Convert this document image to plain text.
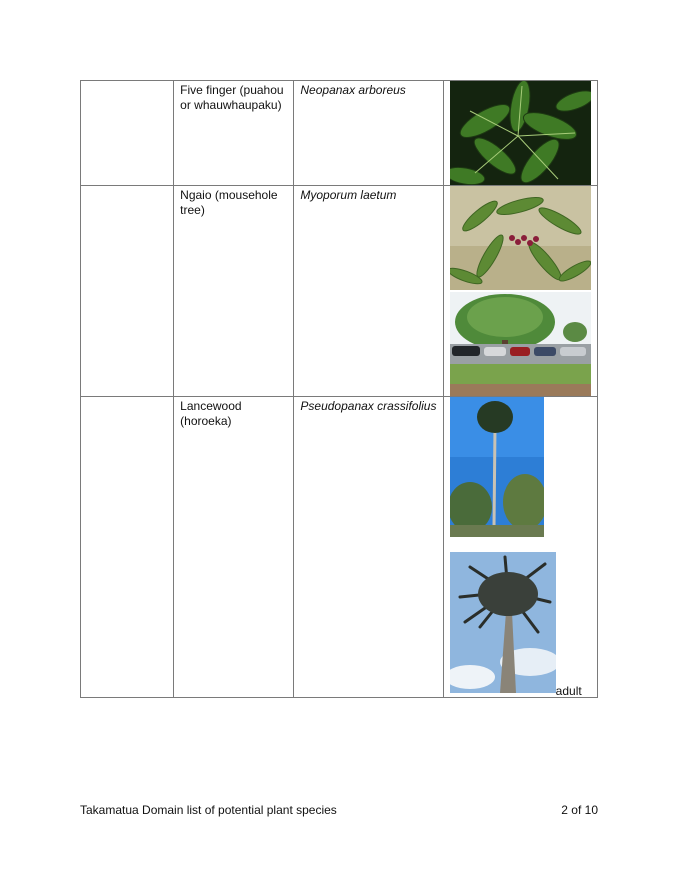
	Five finger (puahou or whauwhaupaku)	Neopanax arboreus

	Ngaio (mousehole tree)	Myoporum laetum

	Lancewood (horoeka)	Pseudopanax crassifolius	adult
Takamatua Domain list of potential plant species	2 of 10
